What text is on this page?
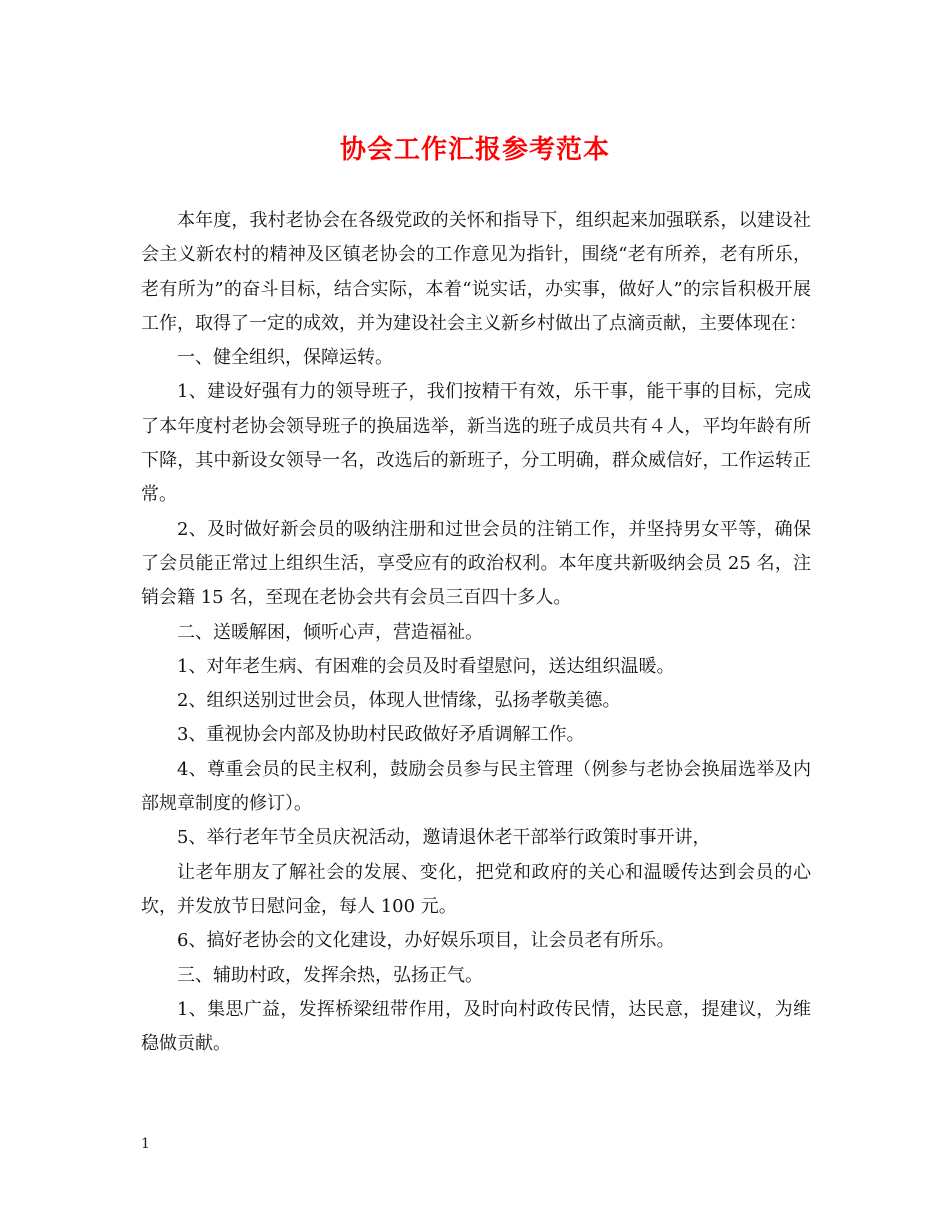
协会工作汇报参考范本

本年度，我村老协会在各级党政的关怀和指导下，组织起来加强联系，以建设社会主义新农村的精神及区镇老协会的工作意见为指针，围绕“老有所养，老有所乐，老有所为”的奋斗目标，结合实际，本着“说实话，办实事，做好人”的宗旨积极开展工作，取得了一定的成效，并为建设社会主义新乡村做出了点滴贡献，主要体现在：

一、健全组织，保障运转。

1、建设好强有力的领导班子，我们按精干有效，乐干事，能干事的目标，完成了本年度村老协会领导班子的换届选举，新当选的班子成员共有４人，平均年龄有所下降，其中新设女领导一名，改选后的新班子，分工明确，群众威信好，工作运转正常。

2、及时做好新会员的吸纳注册和过世会员的注销工作，并坚持男女平等，确保了会员能正常过上组织生活，享受应有的政治权利。本年度共新吸纳会员 25 名，注销会籍 15 名，至现在老协会共有会员三百四十多人。

二、送暖解困，倾听心声，营造福祉。

1、对年老生病、有困难的会员及时看望慰问，送达组织温暖。

2、组织送别过世会员，体现人世情缘，弘扬孝敬美德。

3、重视协会内部及协助村民政做好矛盾调解工作。

4、尊重会员的民主权利，鼓励会员参与民主管理（例参与老协会换届选举及内部规章制度的修订）。

5、举行老年节全员庆祝活动，邀请退休老干部举行政策时事开讲，

让老年朋友了解社会的发展、变化，把党和政府的关心和温暖传达到会员的心坎，并发放节日慰问金，每人 100 元。

6、搞好老协会的文化建设，办好娱乐项目，让会员老有所乐。

三、辅助村政，发挥余热，弘扬正气。

1、集思广益，发挥桥梁纽带作用，及时向村政传民情，达民意，提建议，为维稳做贡献。

1
